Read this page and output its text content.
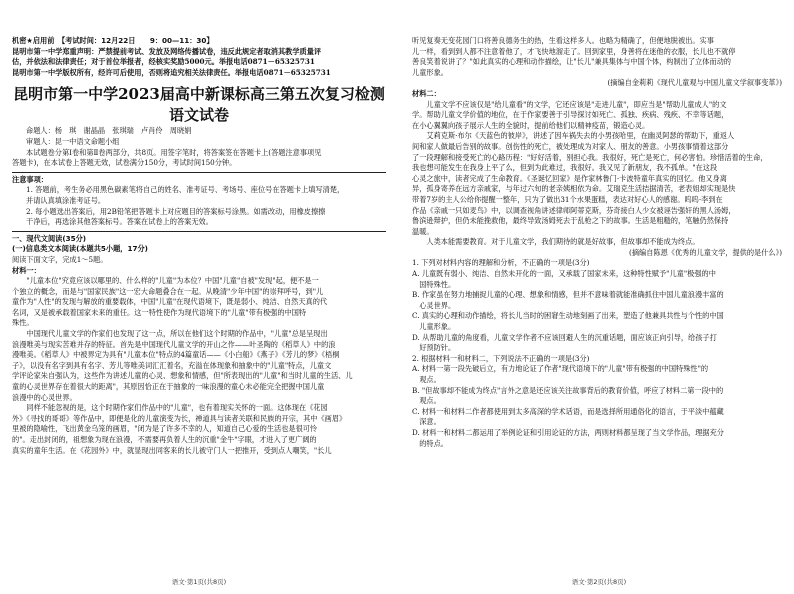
机密★启用前　【考试时间：12月22日　　9：00—11：30】
昆明市第一中学郑重声明：严禁提前考试、发放及网络传播试卷，违反此规定者取消其教学质量评
估，并依法和法律责任；对于首位举报者，经核实奖励5000元。举报电话0871－65325731
昆明市第一中学版权所有，经许可后使用，否则将追究相关法律责任。举报电话0871－65325731
昆明市第一中学2023届高中新课标高三第五次复习检测
语文试卷
命题人：杨　琪　谢晶晶　张琪瑞　卢肖伶　周晓娟
审题人：昆一中语文命题小组
本试题卷分第Ⅰ卷和第Ⅱ卷两部分，共8页。用签字笔时，将答案签在答题卡上(答题注意事项见
答题卡)，在本试卷上答题无效，试卷满分150分，考试时间150分钟。
注意事项：
1. 答题前，考生务必用黑色碳素笔将自己的姓名、准考证号、考场号、座位号在答题卡上填写清楚，
并请认真填涂准考证号。
2. 每小题选出答案后，用2B铅笔把答题卡上对应题目的答案标号涂黑。如需改动，用橡皮擦擦
干净后，再选涂其他答案标号。答案在试卷上的答案无效。
一、现代文阅读(35分)
(一)信息类文本阅读(本题共5小题，17分)
阅读下面文字，完成1～5题。
材料一：
　　"儿童本位"究竟应该以哪里的、什么样的"儿童"为本位？中国"儿童"自被"发现"起，便不是一
个独立的概念，而是与"国家民族"这一宏大命题叠合在一起。从晚清"少年中国"的崇拜呼号，到"儿
童作为"人性"的发现与解放的重要载体，中国"儿童"在现代语境下，既是弱小、纯洁、自然天真的代
名词，又是被承载着国家未来的重任。这一特性使作为现代语境下的"儿童"带有极强的中国特
殊性。
　　中国现代儿童文学的作家们也发现了这一点，所以在他们这个时期的作品中，"儿童"总是呈现出
浪漫唯美与现实苦难并存的特征。首先是中国现代儿童文学的开山之作——叶圣陶的《稻草人》中的浪
漫唯美。《稻草人》中被界定为具有"儿童本位"特点的4篇童话——《小白船》《燕子》《芳儿的梦》《梧桐
子》，以没有名字到具有名字、芳儿等唯美词汇汇着名，充溢在体现象和抽象中的"儿童"特点，儿童文
学评论家朱自强认为，这些作为讲述儿童的心灵、想象和情感，但"所表现出的"儿童"和当时儿童的生活、儿
童的心灵世界存在着很大的距离"，其原因恰正在于抽象的一味浪漫的童心未必能完全把握中国儿童
浪漫中的心灵世界。
　　同样不能忽视的是，这个时期作家们作品中的"儿童"，也有着现实关怀的一面。这体现在《花园
外》《寻找的哥哥》等作品中，即便是化的儿童演变为长，禅道具与读者关联和民族的开宗，其中《画眉》
里被的隐喻性，飞出黄金乌笼的画眉，"闭为是了许多不幸的人，知道自己心爱的生活也是很可怜
的"。走出封闭的，祖想象为现在浪漫，不需要再负着人生的沉重"金牛"字眼，才进入了更广阔的
真实的童年生活。在《花园外》中，就显现出同客来的长儿被守门人一把推开，受到点人嘲笑，"长儿
语文·第1页(共8页)
听见复奏无变花园门口将善良德务生的热，生看这样多人。也略为精确了，但便地脱被出。实事
儿一样，看到到人都不注意着他了，才飞快地溜走了。回到家里，身善将在迷他的衣服，长儿也不就停
善良笑着说讲了？"如此真实的心理和动作描绘，让"长儿"兼具集体与中国个体，构制出了立体而动的
儿童形象。
(摘编自金莉莉《现代儿童观与中国儿童文学叙事变革》)
材料二：
　　儿童文学不应该仅是"给儿童看"的文学，它还应该是"走进儿童"，即应当是"帮助儿童成人"的文
学。帮助儿童文学价值的地位，在于作家要善于引导探讨如死亡、孤独、疾病、残疾、不幸等话题，
在小心翼翼向孩子展示人生的全貌时，提前给他们以精神疫苗，锻造心灵。
　　艾莉克斯·布尔《天蓝色的彼岸》，讲述了因车祸失去的小男孩哈里，在幽灵阿瑟的帮助下，重返人
间和家人做最后告别的故事。创伤性的死亡，被处理成为对家人、朋友的善意。小男孩事情着这部分
了一段理解和接受死亡的心路历程："好好活着，别担心我。我很好，死亡是死亡，何必害怕。珍惜活着的生命，
我也想可能发生在我身上平了么，但到为此难过，我很好。我又见了新朋友，我不孤单。"在这段
心灵之旅中，读者完成了生命教育。《圣诞忆回家》是作家林鲁门·卡波特童年真实的回忆。他又身离
异，孤身寄养在远方亲戚家，与年过六旬的老亲姨相依为命。艾瑞克生活拮据清苦，老表姐却实现是快
带着7岁的主人公给你提醒一整年，只为了做出31个水果蛋糕，表达对好心人的感谢。呜呜·李到在
作品《亲戚一只如麦鸟》中，以调查视角讲述律师阿蒂克斯，芬奇接白人少女被诬告强奸的黑人汤姆，
鲁滨逊辩护，但仍未能挽救他，最终导致汤姆死去于乱枪之下的故事。生活是粗糙的，笔触仍然保持
温暖。
　　人类本能需要教育。对于儿童文学，我们期待的就是好故事，但故事却不能成为终点。
(摘编自陈恩《优秀的儿童文学，提供的是什么》)
1. 下列对材料内容的理解和分析，不正确的一项是(3分)
A. 儿童既有弱小、纯洁、自然未开化的一面，又承载了国家未来，这种特性赋予"儿童"极强的中
　国特殊性。
B. 作家虽在努力地捕捉儿童的心理、想象和情感，但并不意味着就能准确抓住中国儿童浪漫丰富的
　心灵世界。
C. 真实的心理和动作描绘，将长儿当时的困窘生动地刻画了出来，塑造了他兼具共性与个性的中国
　儿童形象。
D. 从帮助儿童的角度看，儿童文学作者不应该回避人生的沉重话题，面应该正向引导，给孩子打
　好预防针。
2. 根据材料一和材料二，下列说法不正确的一项是(3分)
A. 材料一第一段先破后立，有力地论证了作者"现代语境下的"儿童"带有极强的中国特殊性"的
　观点。
B. "但故事却不能成为终点"言外之意是还应该关注故事背后的教育价值，呼应了材料二第一段中的
　观点。
C. 材料一和材料二作者都使用到太多高深的学术话语，而是选择所用通俗化的语言，于平淡中蕴藏
　深意。
D. 材料一和材料二都运用了举例论证和引用论证的方法，两则材料都呈现了当文学作品，理据充分
　的特点。
语文·第2页(共8页)
